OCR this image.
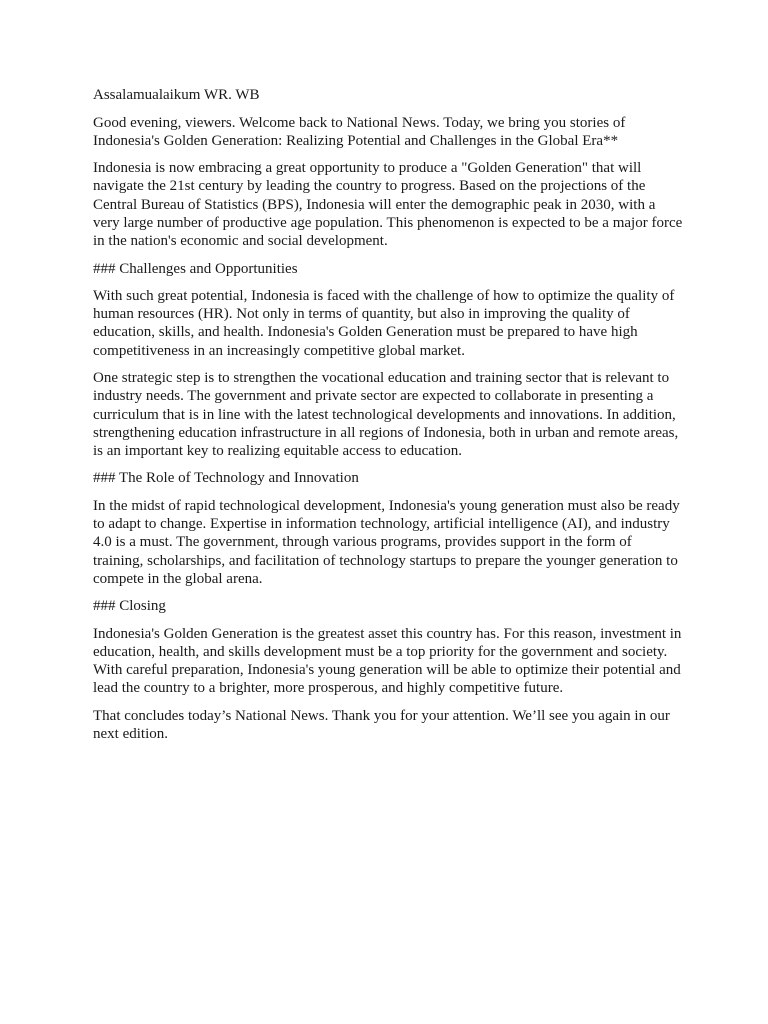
Assalamualaikum WR. WB

Good evening, viewers. Welcome back to National News. Today, we bring you stories of Indonesia's Golden Generation: Realizing Potential and Challenges in the Global Era**

Indonesia is now embracing a great opportunity to produce a "Golden Generation" that will navigate the 21st century by leading the country to progress. Based on the projections of the Central Bureau of Statistics (BPS), Indonesia will enter the demographic peak in 2030, with a very large number of productive age population. This phenomenon is expected to be a major force in the nation's economic and social development.

### Challenges and Opportunities

With such great potential, Indonesia is faced with the challenge of how to optimize the quality of human resources (HR). Not only in terms of quantity, but also in improving the quality of education, skills, and health. Indonesia's Golden Generation must be prepared to have high competitiveness in an increasingly competitive global market.

One strategic step is to strengthen the vocational education and training sector that is relevant to industry needs. The government and private sector are expected to collaborate in presenting a curriculum that is in line with the latest technological developments and innovations. In addition, strengthening education infrastructure in all regions of Indonesia, both in urban and remote areas, is an important key to realizing equitable access to education.

### The Role of Technology and Innovation

In the midst of rapid technological development, Indonesia's young generation must also be ready to adapt to change. Expertise in information technology, artificial intelligence (AI), and industry 4.0 is a must. The government, through various programs, provides support in the form of training, scholarships, and facilitation of technology startups to prepare the younger generation to compete in the global arena.

### Closing

Indonesia's Golden Generation is the greatest asset this country has. For this reason, investment in education, health, and skills development must be a top priority for the government and society. With careful preparation, Indonesia's young generation will be able to optimize their potential and lead the country to a brighter, more prosperous, and highly competitive future.

That concludes today’s National News. Thank you for your attention. We’ll see you again in our next edition.
